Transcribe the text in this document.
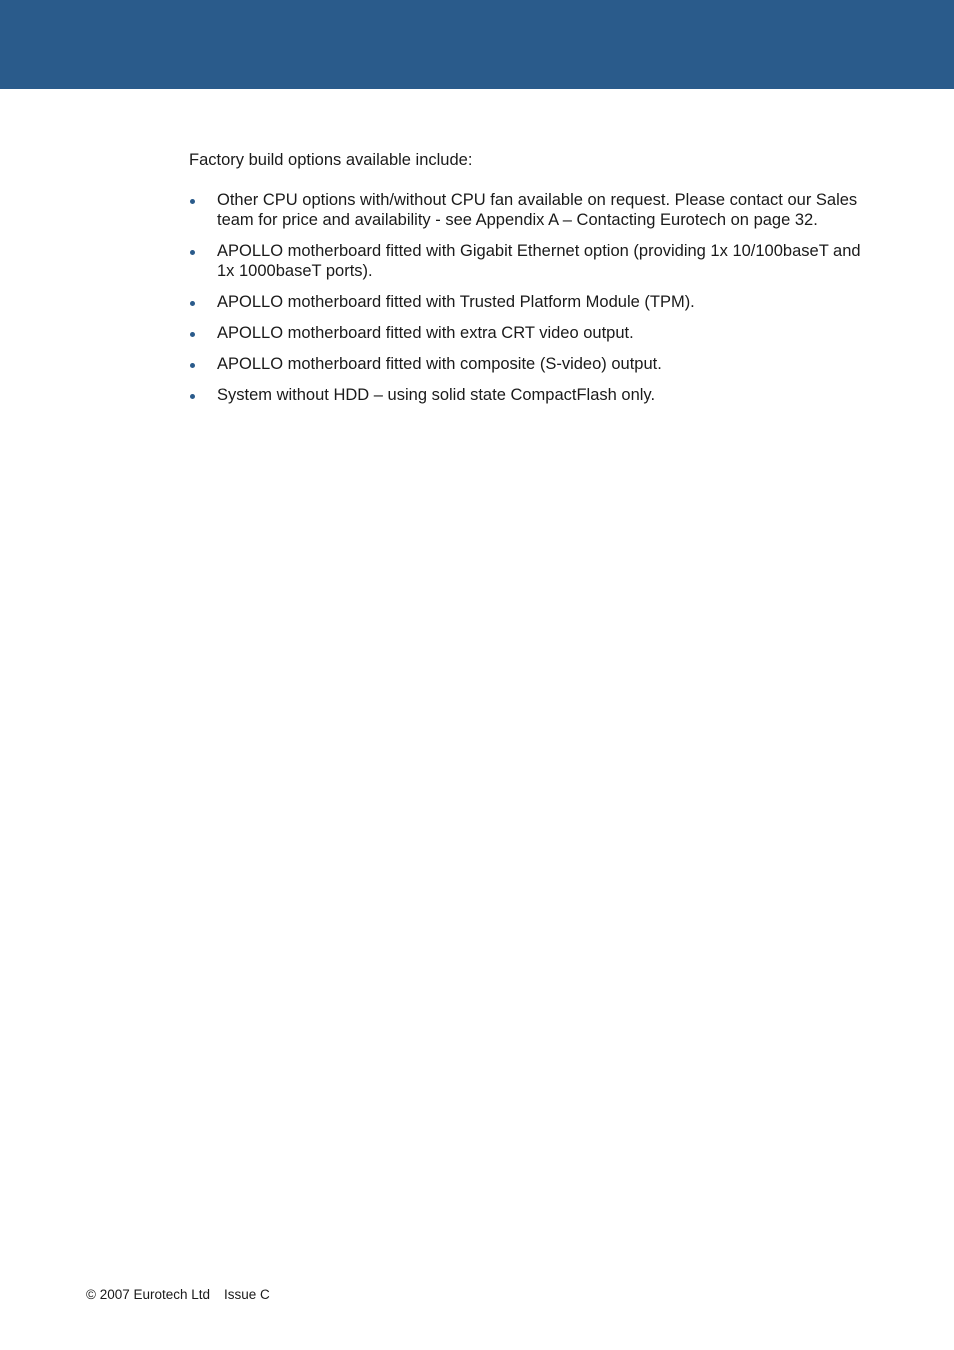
Factory build options available include:

Other CPU options with/without CPU fan available on request. Please contact our Sales team for price and availability - see Appendix A – Contacting Eurotech on page 32.
APOLLO motherboard fitted with Gigabit Ethernet option (providing 1x 10/100baseT and 1x 1000baseT ports).
APOLLO motherboard fitted with Trusted Platform Module (TPM).
APOLLO motherboard fitted with extra CRT video output.
APOLLO motherboard fitted with composite (S-video) output.
System without HDD – using solid state CompactFlash only.
© 2007 Eurotech Ltd Issue C
